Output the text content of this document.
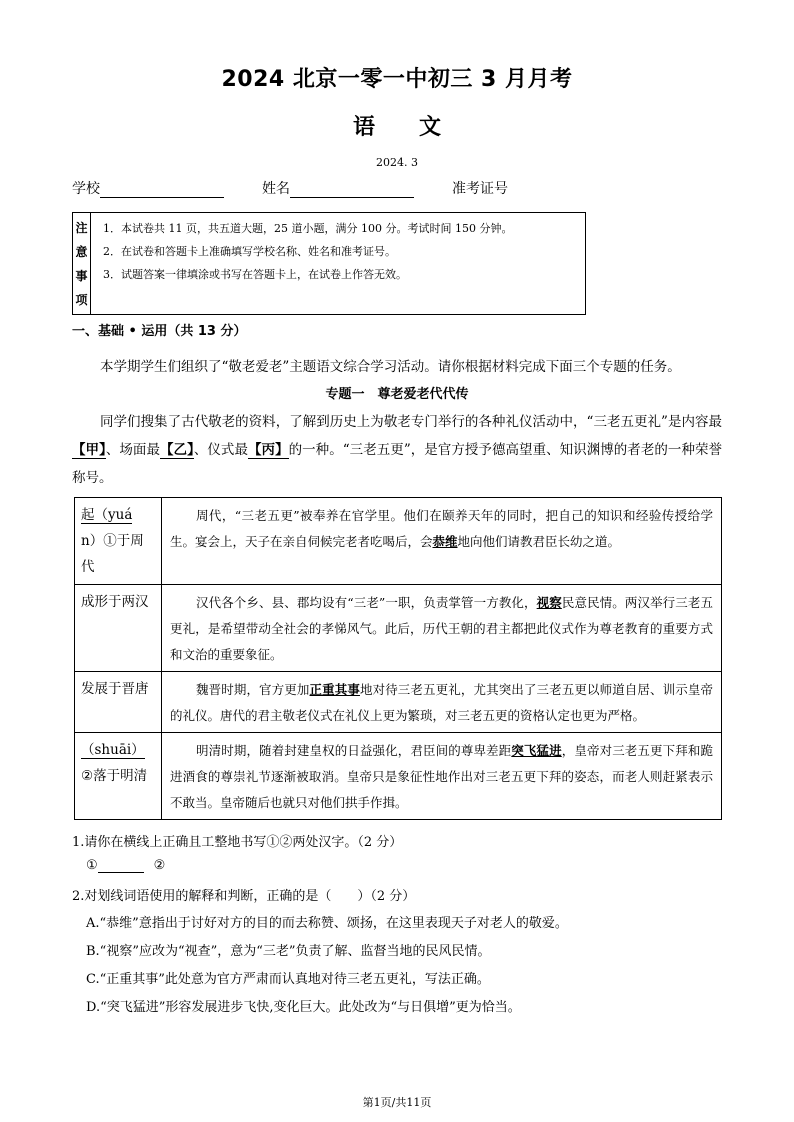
2024 北京一零一中初三 3 月月考
语　　文
2024. 3
学校	姓名	准考证号
注
意
事
项
1．本试卷共 11 页，共五道大题，25 道小题，满分 100 分。考试时间 150 分钟。
2．在试卷和答题卡上准确填写学校名称、姓名和准考证号。
3．试题答案一律填涂或书写在答题卡上，在试卷上作答无效。
一、基础 • 运用（共 13 分）
本学期学生们组织了“敬老爱老”主题语文综合学习活动。请你根据材料完成下面三个专题的任务。
专题一　尊老爱老代代传
同学们搜集了古代敬老的资料，了解到历史上为敬老专门举行的各种礼仪活动中，“三老五更礼”是内容最【甲】、场面最【乙】、仪式最【丙】的一种。“三老五更”，是官方授予德高望重、知识渊博的者老的一种荣誉称号。
起（yuá
n）①于周代	周代，“三老五更”被奉养在官学里。他们在颐养天年的同时，把自己的知识和经验传授给学生。宴会上，天子在亲自伺候完老者吃喝后，会恭维地向他们请教君臣长幼之道。
成形于两汉	汉代各个乡、县、郡均设有“三老”一职，负责掌管一方教化，视察民意民情。两汉举行三老五更礼，是希望带动全社会的孝悌风气。此后，历代王朝的君主都把此仪式作为尊老教育的重要方式和文治的重要象征。
发展于晋唐	魏晋时期，官方更加正重其事地对待三老五更礼，尤其突出了三老五更以师道自居、训示皇帝的礼仪。唐代的君主敬老仪式在礼仪上更为繁琐，对三老五更的资格认定也更为严格。
（shuāi）
②落于明清	明清时期，随着封建皇权的日益强化，君臣间的尊卑差距突飞猛进，皇帝对三老五更下拜和跪进酒食的尊崇礼节逐渐被取消。皇帝只是象征性地作出对三老五更下拜的姿态，而老人则赶紧表示不敢当。皇帝随后也就只对他们拱手作揖。
1.请你在横线上正确且工整地书写①②两处汉字。（2 分）
①	②
2.对划线词语使用的解释和判断，正确的是（　　）（2 分）
A.“恭维”意指出于讨好对方的目的而去称赞、颂扬，在这里表现天子对老人的敬爱。
B.“视察”应改为“视查”，意为“三老”负责了解、监督当地的民风民情。
C.“正重其事”此处意为官方严肃而认真地对待三老五更礼，写法正确。
D.“突飞猛进”形容发展进步飞快,变化巨大。此处改为“与日俱增”更为恰当。
第1页/共11页
